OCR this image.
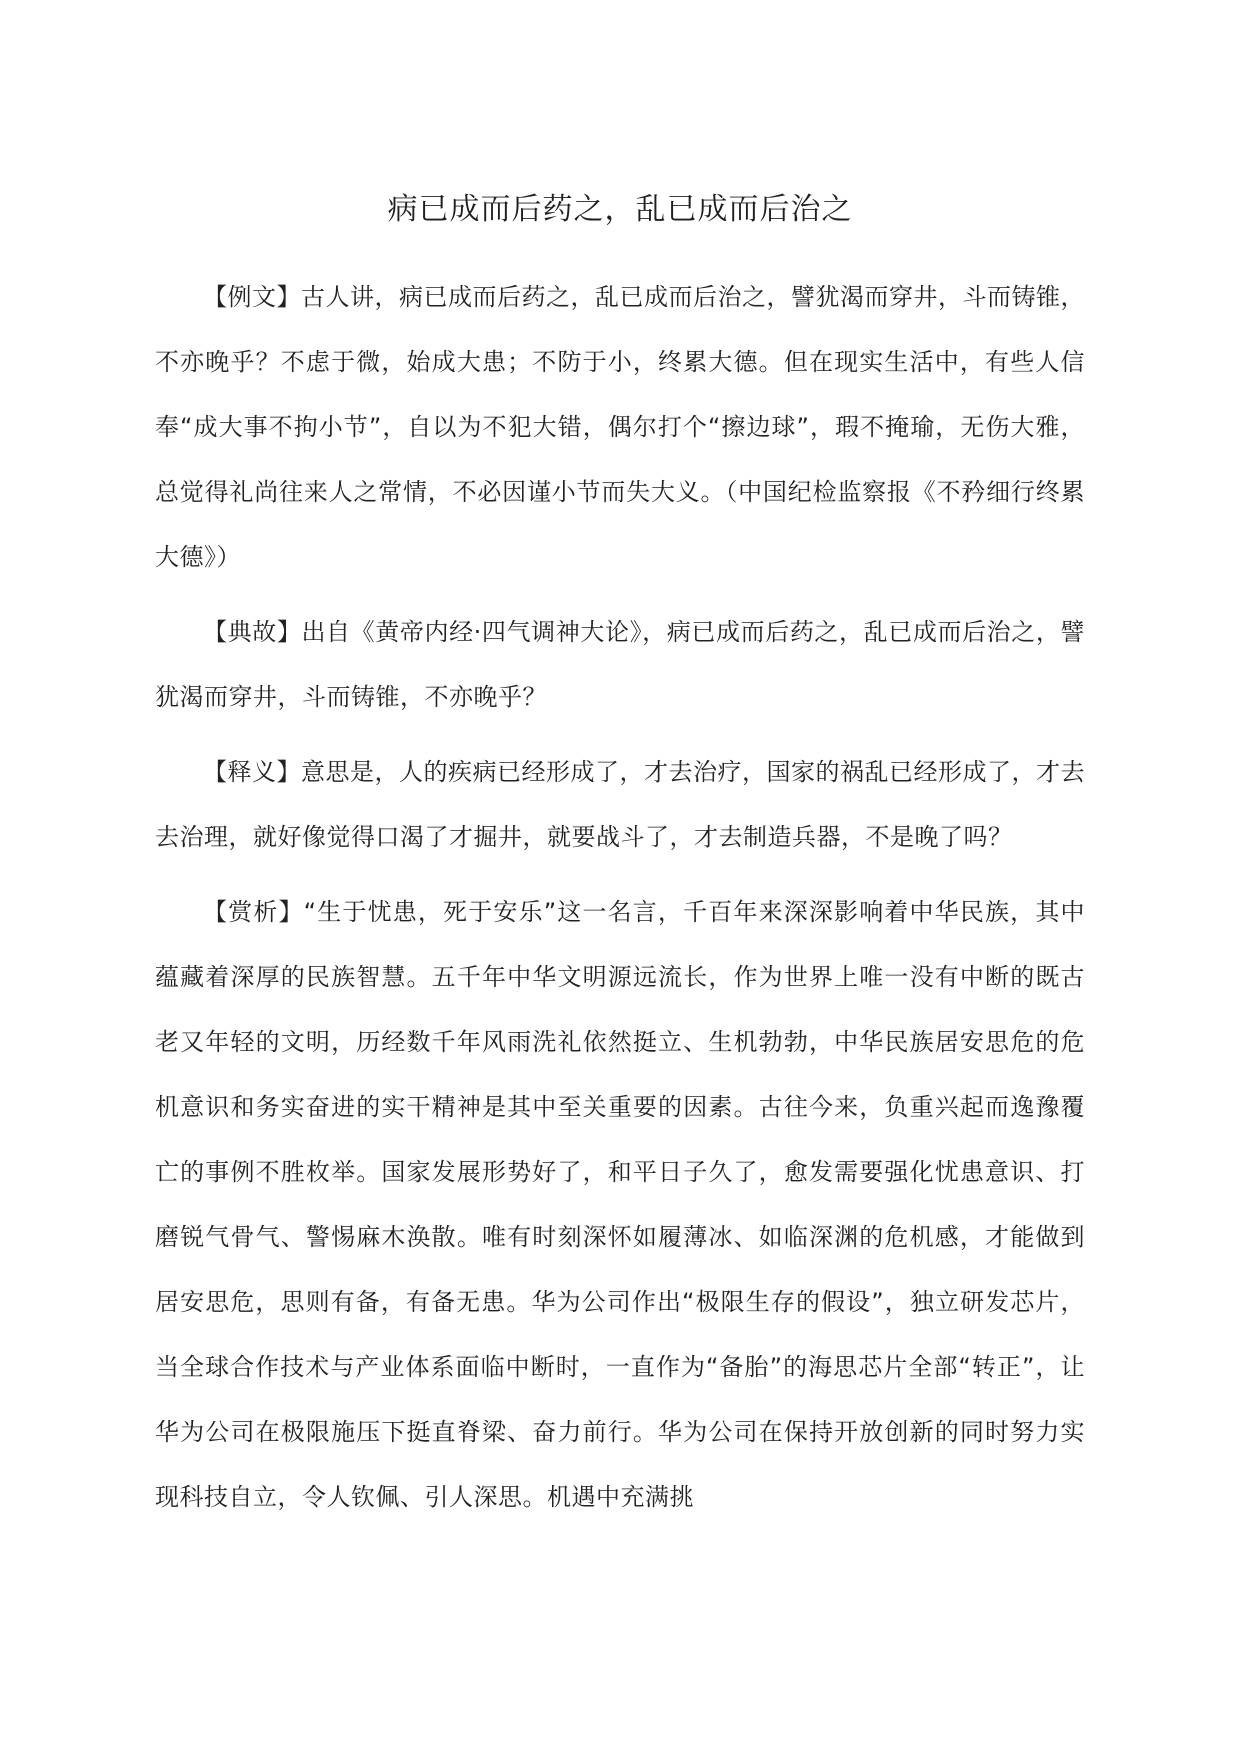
病已成而后药之，乱已成而后治之

【例文】古人讲，病已成而后药之，乱已成而后治之，譬犹渴而穿井，斗而铸锥，不亦晚乎？不虑于微，始成大患；不防于小，终累大德。但在现实生活中，有些人信奉“成大事不拘小节”，自以为不犯大错，偶尔打个“擦边球”，瑕不掩瑜，无伤大雅，总觉得礼尚往来人之常情，不必因谨小节而失大义。（中国纪检监察报《不矜细行终累大德》）

【典故】出自《黄帝内经·四气调神大论》，病已成而后药之，乱已成而后治之，譬犹渴而穿井，斗而铸锥，不亦晚乎？

【释义】意思是，人的疾病已经形成了，才去治疗，国家的祸乱已经形成了，才去去治理，就好像觉得口渴了才掘井，就要战斗了，才去制造兵器，不是晚了吗？

【赏析】“生于忧患，死于安乐”这一名言，千百年来深深影响着中华民族，其中蕴藏着深厚的民族智慧。五千年中华文明源远流长，作为世界上唯一没有中断的既古老又年轻的文明，历经数千年风雨洗礼依然挺立、生机勃勃，中华民族居安思危的危机意识和务实奋进的实干精神是其中至关重要的因素。古往今来，负重兴起而逸豫覆亡的事例不胜枚举。国家发展形势好了，和平日子久了，愈发需要强化忧患意识、打磨锐气骨气、警惕麻木涣散。唯有时刻深怀如履薄冰、如临深渊的危机感，才能做到居安思危，思则有备，有备无患。华为公司作出“极限生存的假设”，独立研发芯片，当全球合作技术与产业体系面临中断时，一直作为“备胎”的海思芯片全部“转正”，让华为公司在极限施压下挺直脊梁、奋力前行。华为公司在保持开放创新的同时努力实现科技自立，令人钦佩、引人深思。机遇中充满挑
